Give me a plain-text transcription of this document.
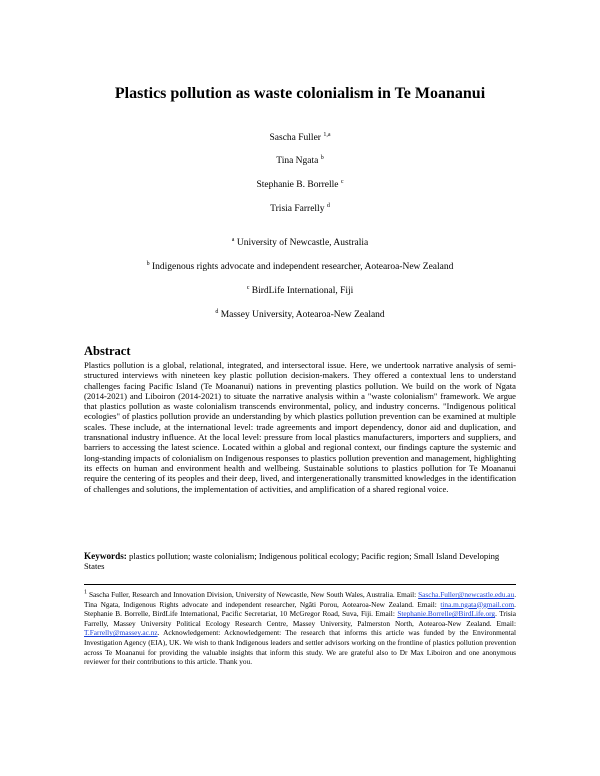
Plastics pollution as waste colonialism in Te Moananui
Sascha Fuller $^{1,a}$
Tina Ngata $^b$
Stephanie B. Borrelle $^c$
Trisia Farrelly $^d$
$^a$ University of Newcastle, Australia
$^b$ Indigenous rights advocate and independent researcher, Aotearoa-New Zealand
$^c$ BirdLife International, Fiji
$^d$ Massey University, Aotearoa-New Zealand
Abstract
Plastics pollution is a global, relational, integrated, and intersectoral issue. Here, we undertook narrative analysis of semi-structured interviews with nineteen key plastic pollution decision-makers. They offered a contextual lens to understand challenges facing Pacific Island (Te Moananui) nations in preventing plastics pollution. We build on the work of Ngata (2014-2021) and Liboiron (2014-2021) to situate the narrative analysis within a "waste colonialism" framework. We argue that plastics pollution as waste colonialism transcends environmental, policy, and industry concerns. "Indigenous political ecologies" of plastics pollution provide an understanding by which plastics pollution prevention can be examined at multiple scales. These include, at the international level: trade agreements and import dependency, donor aid and duplication, and transnational industry influence. At the local level: pressure from local plastics manufacturers, importers and suppliers, and barriers to accessing the latest science. Located within a global and regional context, our findings capture the systemic and long-standing impacts of colonialism on Indigenous responses to plastics pollution prevention and management, highlighting its effects on human and environment health and wellbeing. Sustainable solutions to plastics pollution for Te Moananui require the centering of its peoples and their deep, lived, and intergenerationally transmitted knowledges in the identification of challenges and solutions, the implementation of activities, and amplification of a shared regional voice.
Keywords: plastics pollution; waste colonialism; Indigenous political ecology; Pacific region; Small Island Developing States
$^1$ Sascha Fuller, Research and Innovation Division, University of Newcastle, New South Wales, Australia. Email: Sascha.Fuller@newcastle.edu.au. Tina Ngata, Indigenous Rights advocate and independent researcher, Ngāti Porou, Aotearoa-New Zealand. Email: tina.m.ngata@gmail.com. Stephanie B. Borrelle, BirdLife International, Pacific Secretariat, 10 McGregor Road, Suva, Fiji. Email: Stephanie.Borrelle@BirdLife.org. Trisia Farrelly, Massey University Political Ecology Research Centre, Massey University, Palmerston North, Aotearoa-New Zealand. Email: T.Farrelly@massey.ac.nz. Acknowledgement: Acknowledgement: The research that informs this article was funded by the Environmental Investigation Agency (EIA), UK. We wish to thank Indigenous leaders and settler advisors working on the frontline of plastics pollution prevention across Te Moananui for providing the valuable insights that inform this study. We are grateful also to Dr Max Liboiron and one anonymous reviewer for their contributions to this article. Thank you.
